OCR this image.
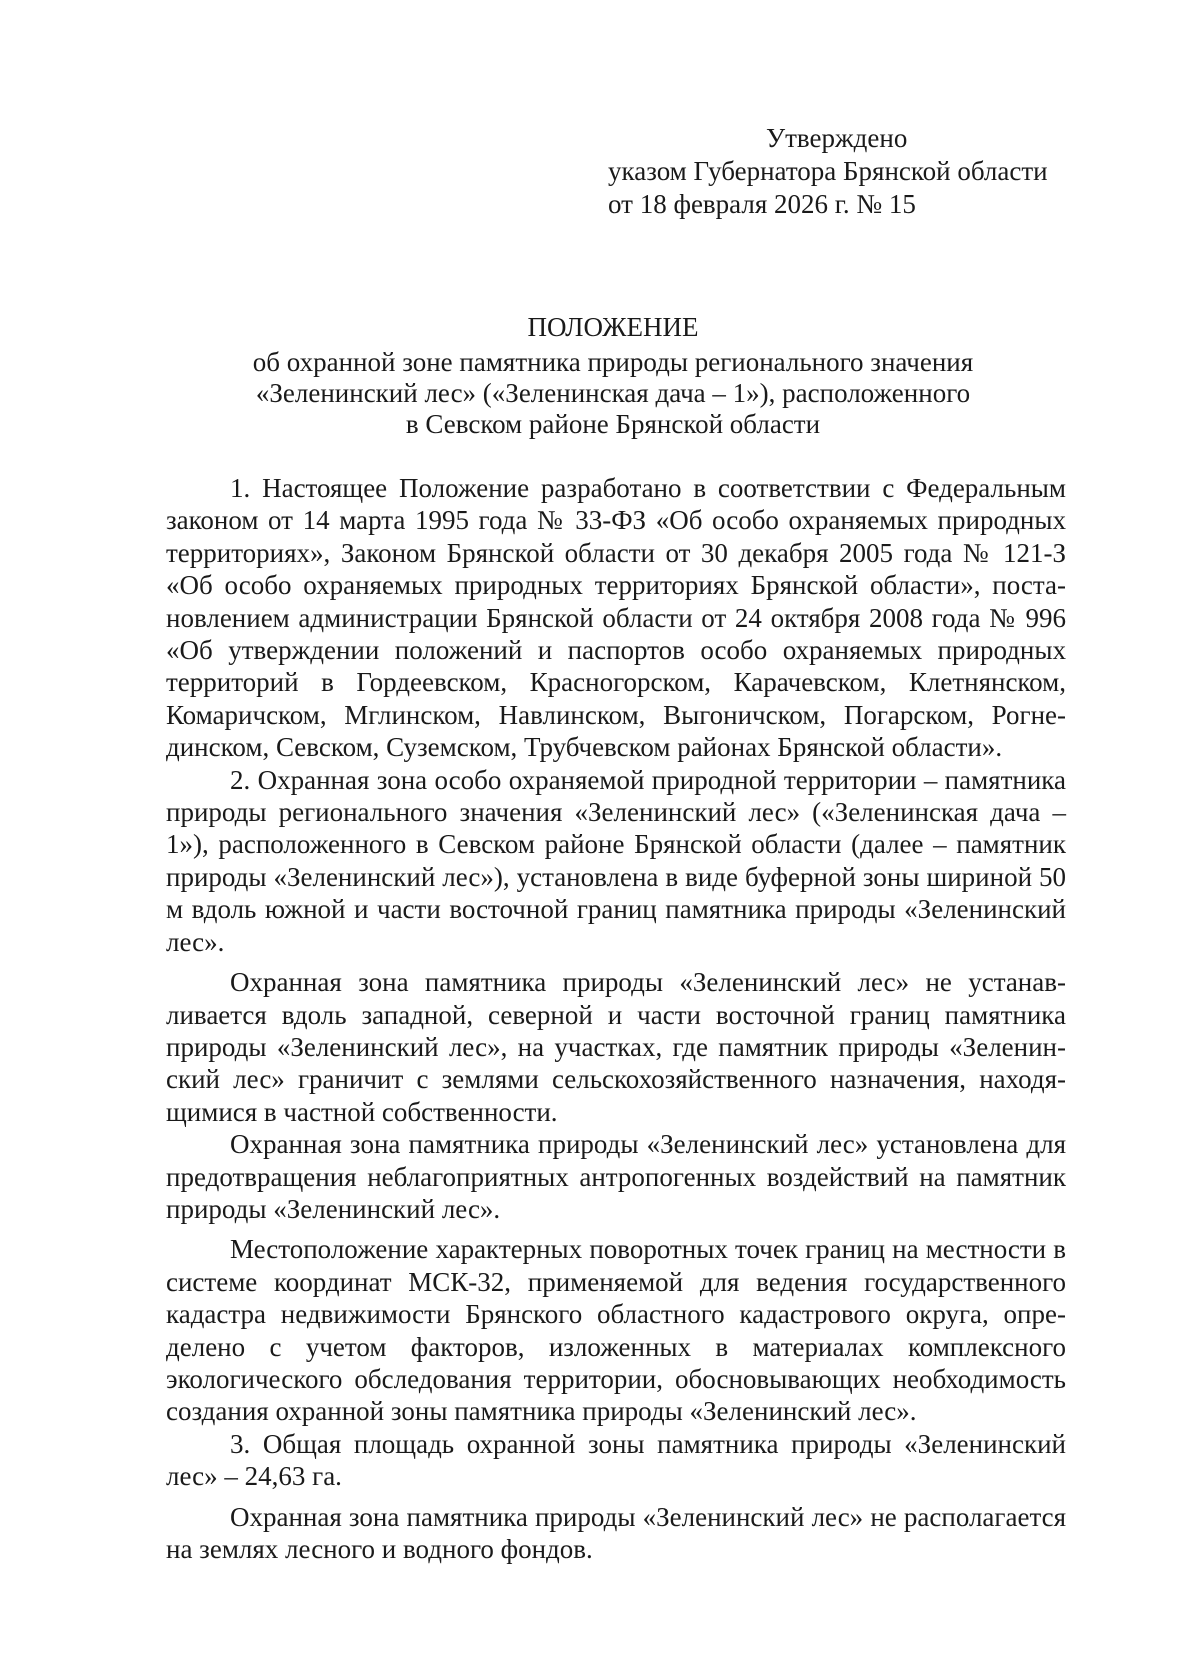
Утверждено
указом Губернатора Брянской области
от 18 февраля 2026 г. № 15
ПОЛОЖЕНИЕ
об охранной зоне памятника природы регионального значения
«Зеленинский лес» («Зеленинская дача – 1»), расположенного
в Севском районе Брянской области

1. Настоящее Положение разработано в соответствии с Федеральным законом от 14 марта 1995 года № 33-ФЗ «Об особо охраняемых природных территориях», Законом Брянской области от 30 декабря 2005 года № 121-З «Об особо охраняемых природных территориях Брянской области», постановлением администрации Брянской области от 24 октября 2008 года № 996 «Об утверждении положений и паспортов особо охраняемых природных территорий в Гордеевском, Красногорском, Карачевском, Клетнянском, Комаричском, Мглинском, Навлинском, Выгоничском, Погарском, Рогнединском, Севском, Суземском, Трубчевском районах Брянской области».

2. Охранная зона особо охраняемой природной территории – памятника природы регионального значения «Зеленинский лес» («Зеленинская дача – 1»), расположенного в Севском районе Брянской области (далее – памятник природы «Зеленинский лес»), установлена в виде буферной зоны шириной 50 м вдоль южной и части восточной границ памятника природы «Зеленинский лес».

Охранная зона памятника природы «Зеленинский лес» не устанавливается вдоль западной, северной и части восточной границ памятника природы «Зеленинский лес», на участках, где памятник природы «Зеленинский лес» граничит с землями сельскохозяйственного назначения, находящимися в частной собственности.

Охранная зона памятника природы «Зеленинский лес» установлена для предотвращения неблагоприятных антропогенных воздействий на памятник природы «Зеленинский лес».

Местоположение характерных поворотных точек границ на местности в системе координат МСК-32, применяемой для ведения государственного кадастра недвижимости Брянского областного кадастрового округа, определено с учетом факторов, изложенных в материалах комплексного экологического обследования территории, обосновывающих необходимость создания охранной зоны памятника природы «Зеленинский лес».

3. Общая площадь охранной зоны памятника природы «Зеленинский лес» – 24,63 га.

Охранная зона памятника природы «Зеленинский лес» не располагается на землях лесного и водного фондов.
